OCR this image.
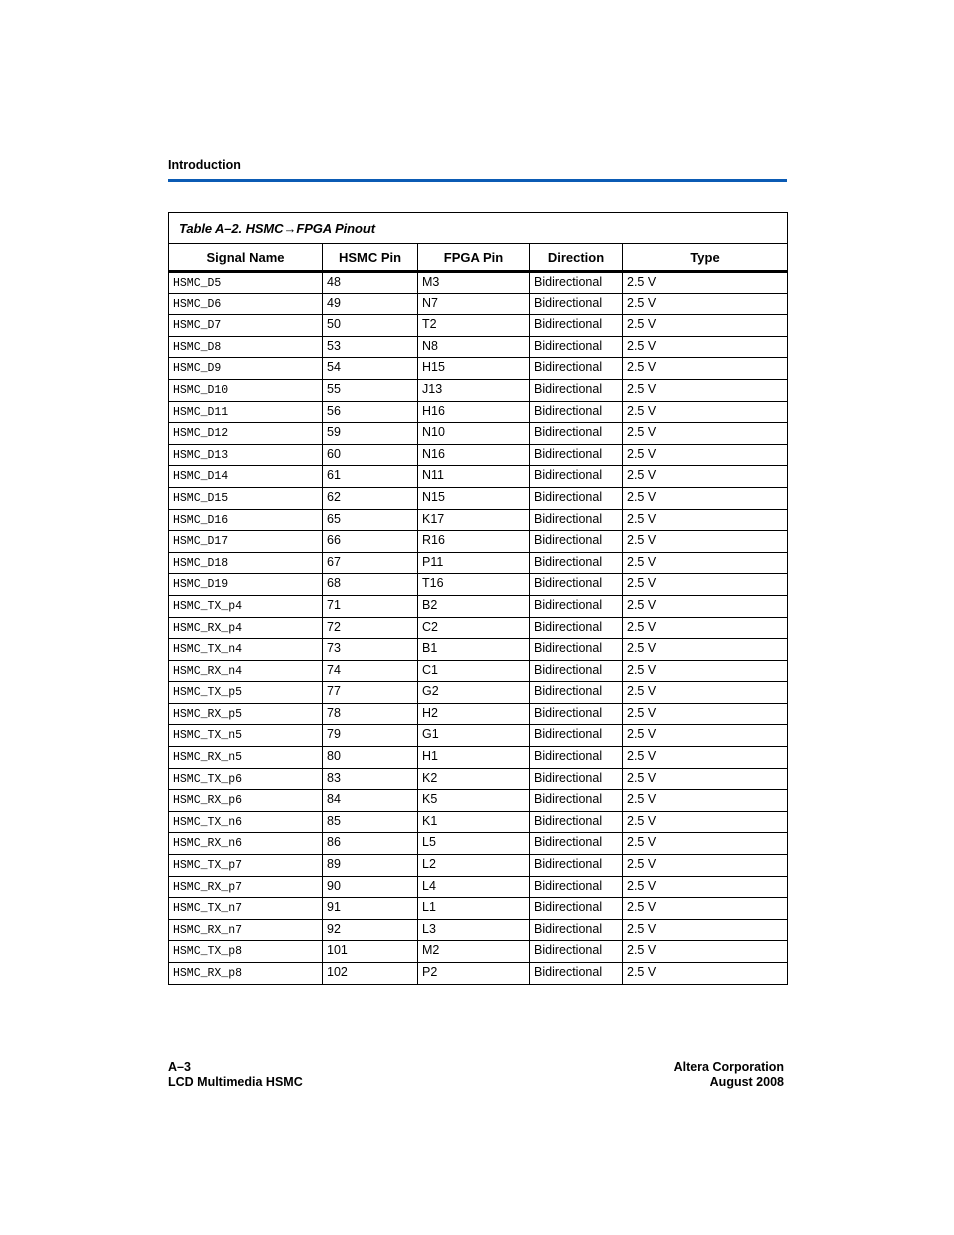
Introduction
Table A–2. HSMC→FPGA Pinout				
Signal Name	HSMC Pin	FPGA Pin	Direction	Type
HSMC_D5	48	M3	Bidirectional	2.5 V
HSMC_D6	49	N7	Bidirectional	2.5 V
HSMC_D7	50	T2	Bidirectional	2.5 V
HSMC_D8	53	N8	Bidirectional	2.5 V
HSMC_D9	54	H15	Bidirectional	2.5 V
HSMC_D10	55	J13	Bidirectional	2.5 V
HSMC_D11	56	H16	Bidirectional	2.5 V
HSMC_D12	59	N10	Bidirectional	2.5 V
HSMC_D13	60	N16	Bidirectional	2.5 V
HSMC_D14	61	N11	Bidirectional	2.5 V
HSMC_D15	62	N15	Bidirectional	2.5 V
HSMC_D16	65	K17	Bidirectional	2.5 V
HSMC_D17	66	R16	Bidirectional	2.5 V
HSMC_D18	67	P11	Bidirectional	2.5 V
HSMC_D19	68	T16	Bidirectional	2.5 V
HSMC_TX_p4	71	B2	Bidirectional	2.5 V
HSMC_RX_p4	72	C2	Bidirectional	2.5 V
HSMC_TX_n4	73	B1	Bidirectional	2.5 V
HSMC_RX_n4	74	C1	Bidirectional	2.5 V
HSMC_TX_p5	77	G2	Bidirectional	2.5 V
HSMC_RX_p5	78	H2	Bidirectional	2.5 V
HSMC_TX_n5	79	G1	Bidirectional	2.5 V
HSMC_RX_n5	80	H1	Bidirectional	2.5 V
HSMC_TX_p6	83	K2	Bidirectional	2.5 V
HSMC_RX_p6	84	K5	Bidirectional	2.5 V
HSMC_TX_n6	85	K1	Bidirectional	2.5 V
HSMC_RX_n6	86	L5	Bidirectional	2.5 V
HSMC_TX_p7	89	L2	Bidirectional	2.5 V
HSMC_RX_p7	90	L4	Bidirectional	2.5 V
HSMC_TX_n7	91	L1	Bidirectional	2.5 V
HSMC_RX_n7	92	L3	Bidirectional	2.5 V
HSMC_TX_p8	101	M2	Bidirectional	2.5 V
HSMC_RX_p8	102	P2	Bidirectional	2.5 V
A–3
LCD Multimedia HSMC
Altera Corporation
August 2008
